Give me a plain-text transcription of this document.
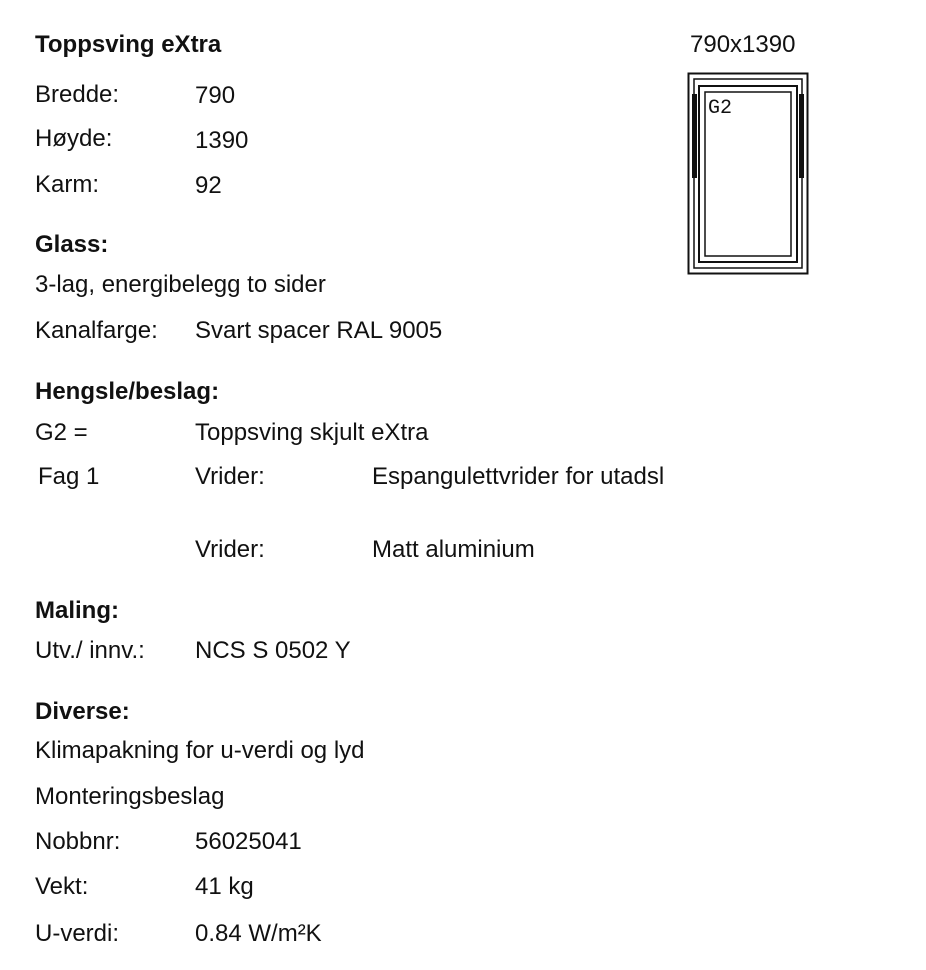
Toppsving eXtra	790x1390
Bredde:	790
Høyde:	1390
Karm:	92
Glass:
3-lag, energibelegg to sider
Kanalfarge: Svart spacer RAL 9005
Hengsle/beslag:
G2 =	Toppsving skjult eXtra
Fag 1	Vrider:	Espangulettvrider for utadsl
Vrider:	Matt aluminium
Maling:
Utv./ innv.: NCS S 0502 Y
Diverse:
Klimapakning for u-verdi og lyd
Monteringsbeslag
Nobbnr:	56025041
Vekt:	41 kg
U-verdi:	0.84 W/m²K
G2
